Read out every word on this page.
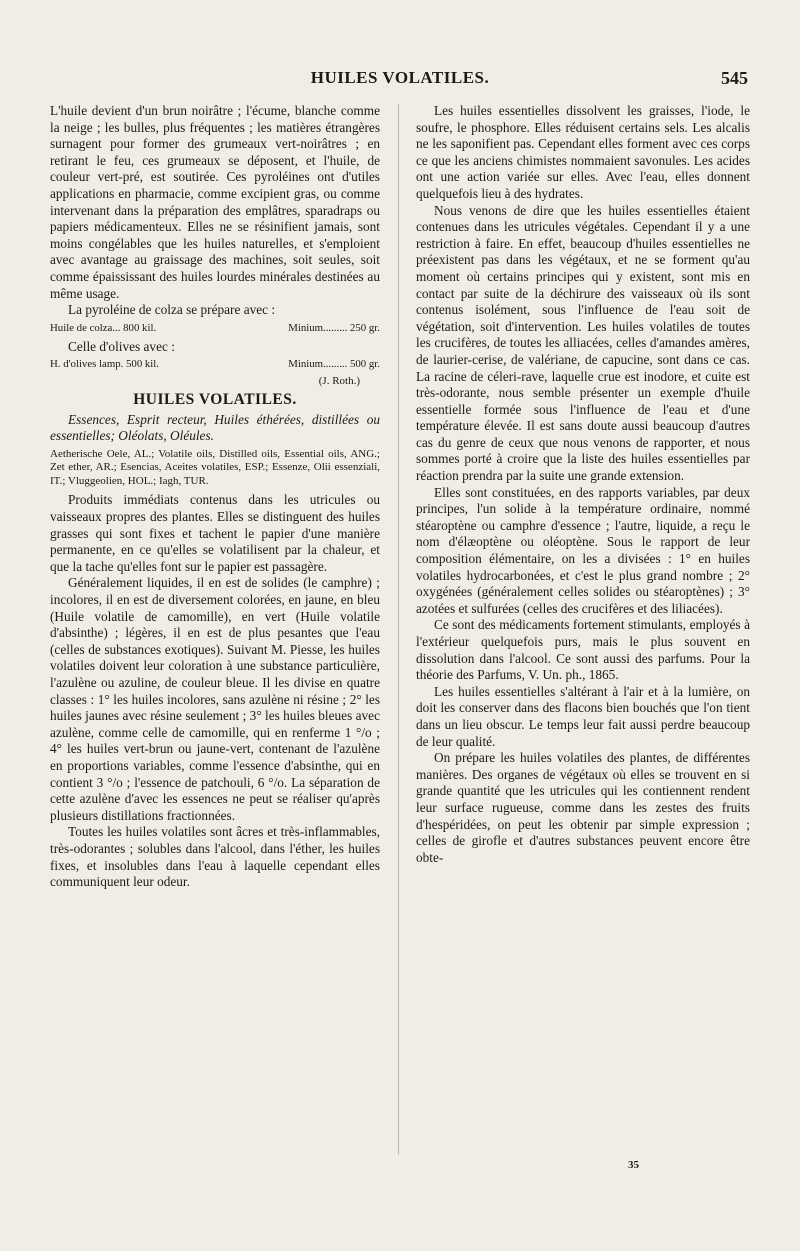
HUILES VOLATILES.	545

L'huile devient d'un brun noirâtre ; l'écume, blanche comme la neige ; les bulles, plus fréquentes ; les matières étrangères surnagent pour former des grumeaux vert-noirâtres ; en retirant le feu, ces grumeaux se déposent, et l'huile, de couleur vert-pré, est soutirée. Ces pyroléines ont d'utiles applications en pharmacie, comme excipient gras, ou comme intervenant dans la préparation des emplâtres, sparadraps ou papiers médicamenteux. Elles ne se résinifient jamais, sont moins congélables que les huiles naturelles, et s'emploient avec avantage au graissage des machines, soit seules, soit comme épaississant des huiles lourdes minérales destinées au même usage.

La pyroléine de colza se prépare avec :

Huile de colza... 800 kil.	Minium......... 250 gr.

Celle d'olives avec :

H. d'olives lamp. 500 kil.	Minium......... 500 gr.
(J. Roth.)
HUILES VOLATILES.

Essences, Esprit recteur, Huiles éthérées, distillées ou essentielles; Oléolats, Oléules.

Aetherische Oele, AL.; Volatile oils, Distilled oils, Essential oils, ANG.; Zet ether, AR.; Esencias, Aceites volatiles, ESP.; Essenze, Olii essenziali, IT.; Vluggeolien, HOL.; Iagh, TUR.

Produits immédiats contenus dans les utricules ou vaisseaux propres des plantes. Elles se distinguent des huiles grasses qui sont fixes et tachent le papier d'une manière permanente, en ce qu'elles se volatilisent par la chaleur, et que la tache qu'elles font sur le papier est passagère.

Généralement liquides, il en est de solides (le camphre) ; incolores, il en est de diversement colorées, en jaune, en bleu (Huile volatile de camomille), en vert (Huile volatile d'absinthe) ; légères, il en est de plus pesantes que l'eau (celles de substances exotiques). Suivant M. Piesse, les huiles volatiles doivent leur coloration à une substance particulière, l'azulène ou azuline, de couleur bleue. Il les divise en quatre classes : 1° les huiles incolores, sans azulène ni résine ; 2° les huiles jaunes avec résine seulement ; 3° les huiles bleues avec azulène, comme celle de camomille, qui en renferme 1 °/o ; 4° les huiles vert-brun ou jaune-vert, contenant de l'azulène en proportions variables, comme l'essence d'absinthe, qui en contient 3 °/o ; l'essence de patchouli, 6 °/o. La séparation de cette azulène d'avec les essences ne peut se réaliser qu'après plusieurs distillations fractionnées.

Toutes les huiles volatiles sont âcres et très-inflammables, très-odorantes ; solubles dans l'alcool, dans l'éther, les huiles fixes, et insolubles dans l'eau à laquelle cependant elles communiquent leur odeur.

Les huiles essentielles dissolvent les graisses, l'iode, le soufre, le phosphore. Elles réduisent certains sels. Les alcalis ne les saponifient pas. Cependant elles forment avec ces corps ce que les anciens chimistes nommaient savonules. Les acides ont une action variée sur elles. Avec l'eau, elles donnent quelquefois lieu à des hydrates.

Nous venons de dire que les huiles essentielles étaient contenues dans les utricules végétales. Cependant il y a une restriction à faire. En effet, beaucoup d'huiles essentielles ne préexistent pas dans les végétaux, et ne se forment qu'au moment où certains principes qui y existent, sont mis en contact par suite de la déchirure des vaisseaux où ils sont contenus isolément, sous l'influence de l'eau soit de végétation, soit d'intervention. Les huiles volatiles de toutes les crucifères, de toutes les alliacées, celles d'amandes amères, de laurier-cerise, de valériane, de capucine, sont dans ce cas. La racine de céleri-rave, laquelle crue est inodore, et cuite est très-odorante, nous semble présenter un exemple d'huile essentielle formée sous l'influence de l'eau et d'une température élevée. Il est sans doute aussi beaucoup d'autres cas du genre de ceux que nous venons de rapporter, et nous sommes porté à croire que la liste des huiles essentielles par réaction prendra par la suite une grande extension.

Elles sont constituées, en des rapports variables, par deux principes, l'un solide à la température ordinaire, nommé stéaroptène ou camphre d'essence ; l'autre, liquide, a reçu le nom d'élæoptène ou oléoptène. Sous le rapport de leur composition élémentaire, on les a divisées : 1° en huiles volatiles hydrocarbonées, et c'est le plus grand nombre ; 2° oxygénées (généralement celles solides ou stéaroptènes) ; 3° azotées et sulfurées (celles des crucifères et des liliacées).

Ce sont des médicaments fortement stimulants, employés à l'extérieur quelquefois purs, mais le plus souvent en dissolution dans l'alcool. Ce sont aussi des parfums. Pour la théorie des Parfums, V. Un. ph., 1865.

Les huiles essentielles s'altérant à l'air et à la lumière, on doit les conserver dans des flacons bien bouchés que l'on tient dans un lieu obscur. Le temps leur fait aussi perdre beaucoup de leur qualité.

On prépare les huiles volatiles des plantes, de différentes manières. Des organes de végétaux où elles se trouvent en si grande quantité que les utricules qui les contiennent rendent leur surface rugueuse, comme dans les zestes des fruits d'hespéridées, on peut les obtenir par simple expression ; celles de girofle et d'autres substances peuvent encore être obte-

35
